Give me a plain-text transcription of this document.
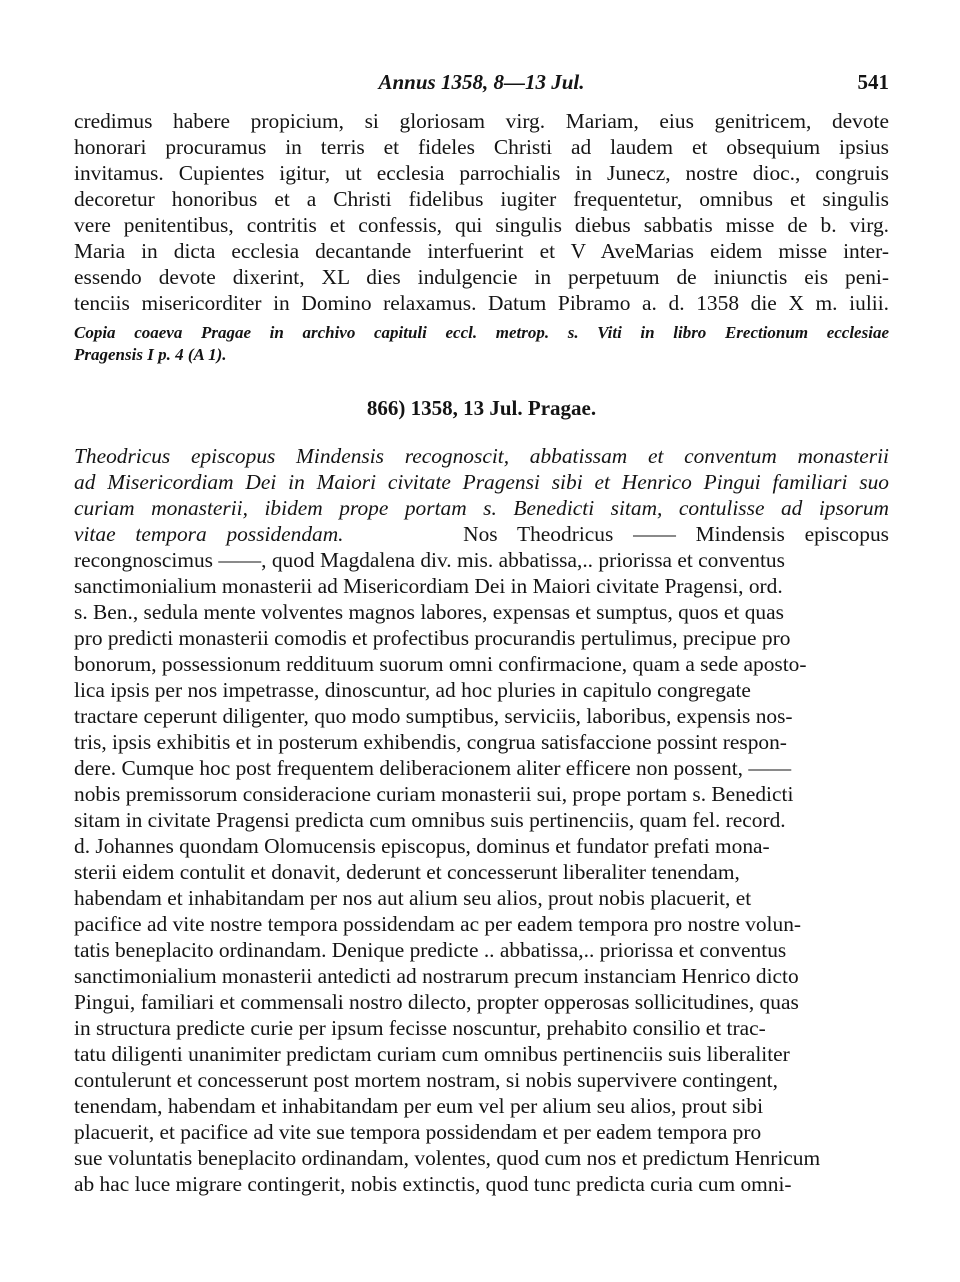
Annus 1358, 8—13 Jul.	541

credimus habere propicium, si gloriosam virg. Mariam, eius genitricem, devote
honorari procuramus in terris et fideles Christi ad laudem et obsequium ipsius
invitamus. Cupientes igitur, ut ecclesia parrochialis in Junecz, nostre dioc., congruis
decoretur honoribus et a Christi fidelibus iugiter frequentetur, omnibus et singulis
vere penitentibus, contritis et confessis, qui singulis diebus sabbatis misse de b. virg.
Maria in dicta ecclesia decantande interfuerint et V AveMarias eidem misse inter-
essendo devote dixerint, XL dies indulgencie in perpetuum de iniunctis eis peni-
tenciis misericorditer in Domino relaxamus. Datum Pibramo a. d. 1358 die X m. iulii.

Copia coaeva Pragae in archivo capituli eccl. metrop. s. Viti in libro Erectionum ecclesiae
Pragensis I p. 4 (A 1).

866) 1358, 13 Jul. Pragae.

Theodricus episcopus Mindensis recognoscit, abbatissam et conventum monasterii
ad Misericordiam Dei in Maiori civitate Pragensi sibi et Henrico Pingui familiari suo
curiam monasterii, ibidem prope portam s. Benedicti sitam, contulisse ad ipsorum
vitae tempora possidendam.	Nos Theodricus —— Mindensis episcopus

recongnoscimus ——, quod Magdalena div. mis. abbatissa,.. priorissa et conventus
sanctimonialium monasterii ad Misericordiam Dei in Maiori civitate Pragensi, ord.
s. Ben., sedula mente volventes magnos labores, expensas et sumptus, quos et quas
pro predicti monasterii comodis et profectibus procurandis pertulimus, precipue pro
bonorum, possessionum reddituum suorum omni confirmacione, quam a sede aposto-
lica ipsis per nos impetrasse, dinoscuntur, ad hoc pluries in capitulo congregate
tractare ceperunt diligenter, quo modo sumptibus, serviciis, laboribus, expensis nos-
tris, ipsis exhibitis et in posterum exhibendis, congrua satisfaccione possint respon-
dere. Cumque hoc post frequentem deliberacionem aliter efficere non possent, ——
nobis premissorum consideracione curiam monasterii sui, prope portam s. Benedicti
sitam in civitate Pragensi predicta cum omnibus suis pertinenciis, quam fel. record.
d. Johannes quondam Olomucensis episcopus, dominus et fundator prefati mona-
sterii eidem contulit et donavit, dederunt et concesserunt liberaliter tenendam,
habendam et inhabitandam per nos aut alium seu alios, prout nobis placuerit, et
pacifice ad vite nostre tempora possidendam ac per eadem tempora pro nostre volun-
tatis beneplacito ordinandam. Denique predicte .. abbatissa,.. priorissa et conventus
sanctimonialium monasterii antedicti ad nostrarum precum instanciam Henrico dicto
Pingui, familiari et commensali nostro dilecto, propter opperosas sollicitudines, quas
in structura predicte curie per ipsum fecisse noscuntur, prehabito consilio et trac-
tatu diligenti unanimiter predictam curiam cum omnibus pertinenciis suis liberaliter
contulerunt et concesserunt post mortem nostram, si nobis supervivere contingent,
tenendam, habendam et inhabitandam per eum vel per alium seu alios, prout sibi
placuerit, et pacifice ad vite sue tempora possidendam et per eadem tempora pro
sue voluntatis beneplacito ordinandam, volentes, quod cum nos et predictum Henricum
ab hac luce migrare contingerit, nobis extinctis, quod tunc predicta curia cum omni-
